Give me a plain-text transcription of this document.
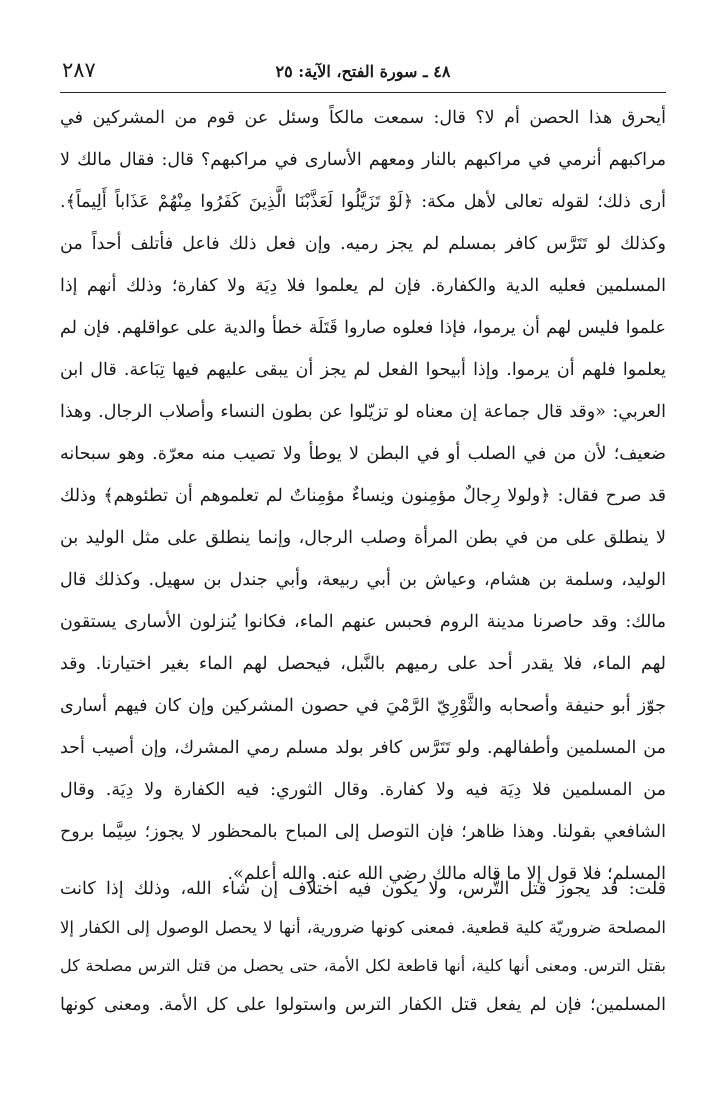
٢٨٧	٤٨ ـ سورة الفتح، الآية: ٢٥
أيحرق هذا الحصن أم لا؟ قال: سمعت مالكاً وسئل عن قوم من المشركين في
مراكبهم أنرمي في مراكبهم بالنار ومعهم الأسارى في مراكبهم؟ قال: فقال مالك لا
أرى ذلك؛ لقوله تعالى لأهل مكة: ﴿لَوْ تَزَيَّلُوا لَعَذَّبْنَا الَّذِينَ كَفَرُوا مِنْهُمْ عَذَاباً أَلِيماً﴾.
وكذلك لو تَتَرَّس كافر بمسلم لم يجز رميه. وإن فعل ذلك فاعل فأتلف أحداً من
المسلمين فعليه الدية والكفارة. فإن لم يعلموا فلا دِيَة ولا كفارة؛ وذلك أنهم إذا
علموا فليس لهم أن يرموا، فإذا فعلوه صاروا قَتَلَة خطأ والدية على عواقلهم. فإن لم
يعلموا فلهم أن يرموا. وإذا أبيحوا الفعل لم يجز أن يبقى عليهم فيها تِبَاعة. قال ابن
العربي: «وقد قال جماعة إن معناه لو تزيّلوا عن بطون النساء وأصلاب الرجال. وهذا
ضعيف؛ لأن من في الصلب أو في البطن لا يوطأ ولا تصيب منه معرّة. وهو سبحانه
قد صرح فقال: ﴿ولولا رِجالٌ مؤمِنون ونِساءٌ مؤمِناتٌ لم تعلموهم أن تطئوهم﴾ وذلك
لا ينطلق على من في بطن المرأة وصلب الرجال، وإنما ينطلق على مثل الوليد بن
الوليد، وسلمة بن هشام، وعياش بن أبي ربيعة، وأبي جندل بن سهيل. وكذلك قال
مالك: وقد حاصرنا مدينة الروم فحبس عنهم الماء، فكانوا يُنزلون الأسارى يستقون
لهم الماء، فلا يقدر أحد على رميهم بالنَّبل، فيحصل لهم الماء بغير اختيارنا. وقد
جوّز أبو حنيفة وأصحابه والثَّوْرِيّ الرَّمْيَ في حصون المشركين وإن كان فيهم أسارى
من المسلمين وأطفالهم. ولو تَتَرَّس كافر بولد مسلم رمي المشرك، وإن أصيب أحد
من المسلمين فلا دِيَة فيه ولا كفارة. وقال الثوري: فيه الكفارة ولا دِيَة. وقال
الشافعي بقولنا. وهذا ظاهر؛ فإن التوصل إلى المباح بالمحظور لا يجوز؛ سِيَّما بروح
المسلم؛ فلا قول إلا ما قاله مالك رضي الله عنه. والله أعلم».
قلت: قد يجوز قتل التُّرس، ولا يكون فيه اختلاف إن شاء الله، وذلك إذا كانت
المصلحة ضروريّة كلية قطعية. فمعنى كونها ضرورية، أنها لا يحصل الوصول إلى الكفار إلا
بقتل الترس. ومعنى أنها كلية، أنها قاطعة لكل الأمة، حتى يحصل من قتل الترس مصلحة كل
المسلمين؛ فإن لم يفعل قتل الكفار الترس واستولوا على كل الأمة. ومعنى كونها
